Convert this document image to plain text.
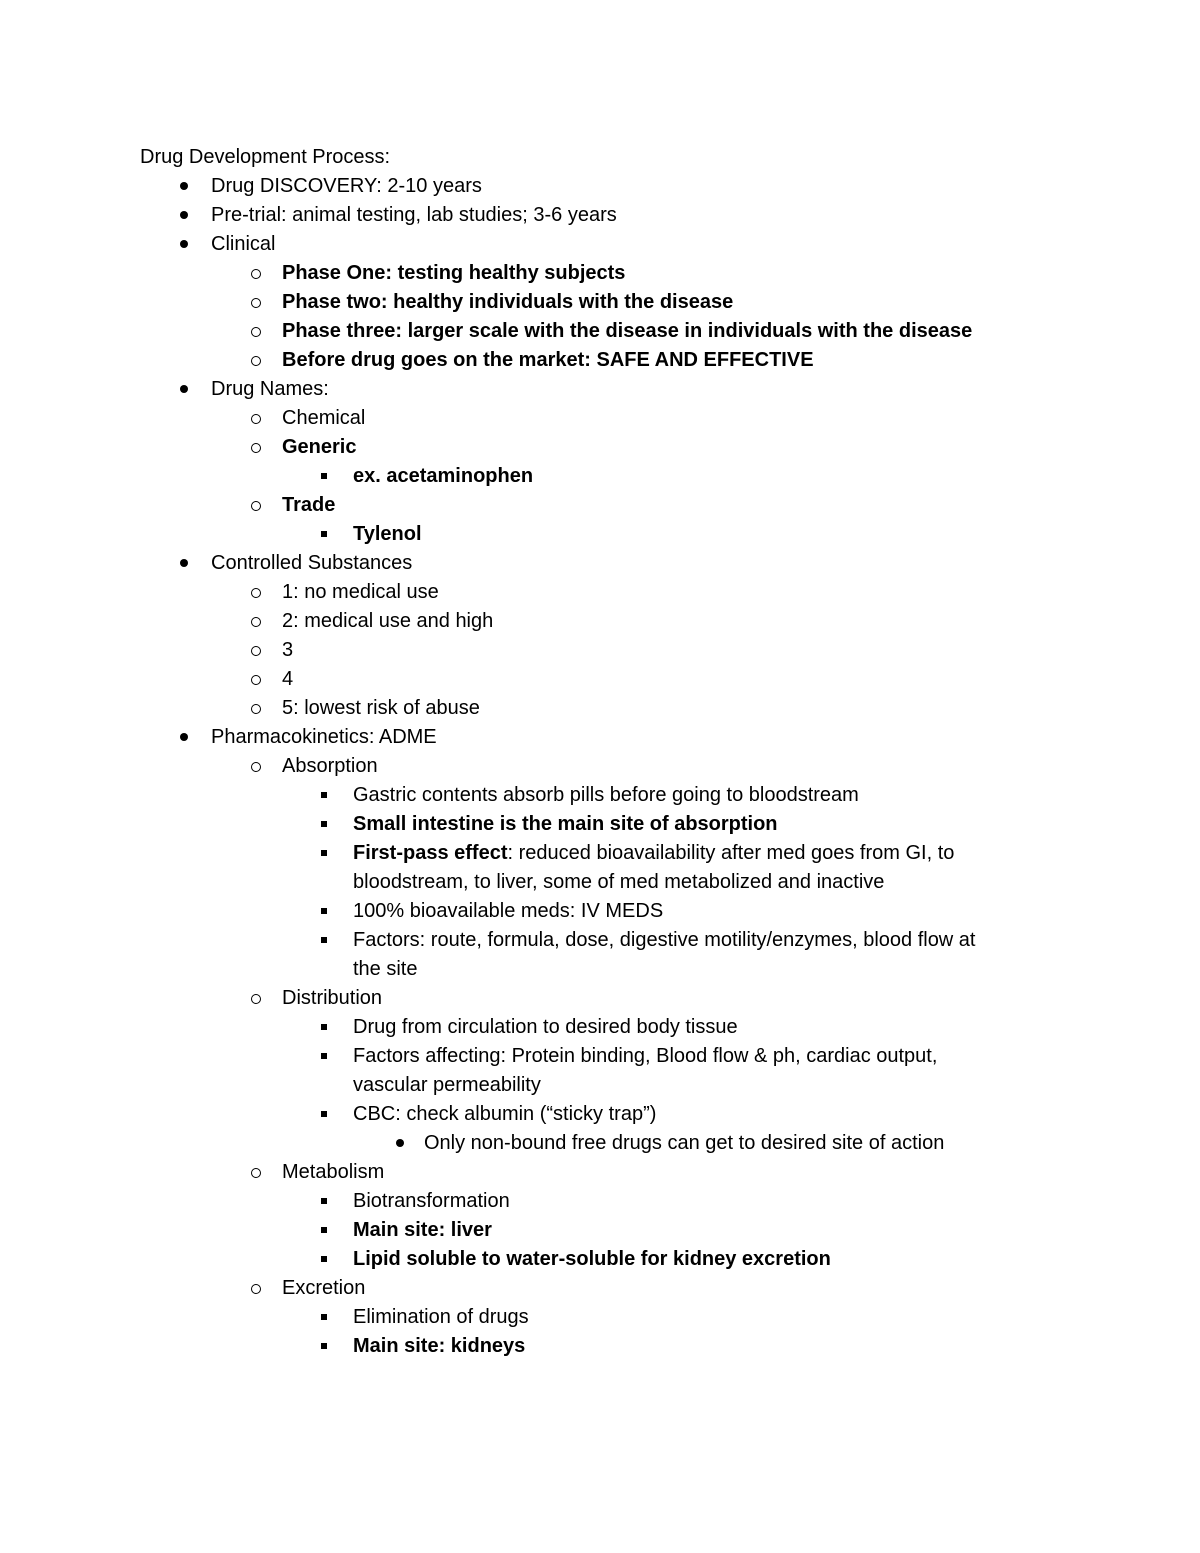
Drug Development Process:
Drug DISCOVERY: 2-10 years
Pre-trial: animal testing, lab studies; 3-6 years
Clinical
Phase One: testing healthy subjects
Phase two: healthy individuals with the disease
Phase three: larger scale with the disease in individuals with the disease
Before drug goes on the market: SAFE AND EFFECTIVE
Drug Names:
Chemical
Generic
ex. acetaminophen
Trade
Tylenol
Controlled Substances
1: no medical use
2: medical use and high
3
4
5: lowest risk of abuse
Pharmacokinetics: ADME
Absorption
Gastric contents absorb pills before going to bloodstream
Small intestine is the main site of absorption
First-pass effect: reduced bioavailability after med goes from GI, to
bloodstream, to liver, some of med metabolized and inactive
100% bioavailable meds: IV MEDS
Factors: route, formula, dose, digestive motility/enzymes, blood flow at
the site
Distribution
Drug from circulation to desired body tissue
Factors affecting: Protein binding, Blood flow & ph, cardiac output,
vascular permeability
CBC: check albumin (“sticky trap”)
Only non-bound free drugs can get to desired site of action
Metabolism
Biotransformation
Main site: liver
Lipid soluble to water-soluble for kidney excretion
Excretion
Elimination of drugs
Main site: kidneys
